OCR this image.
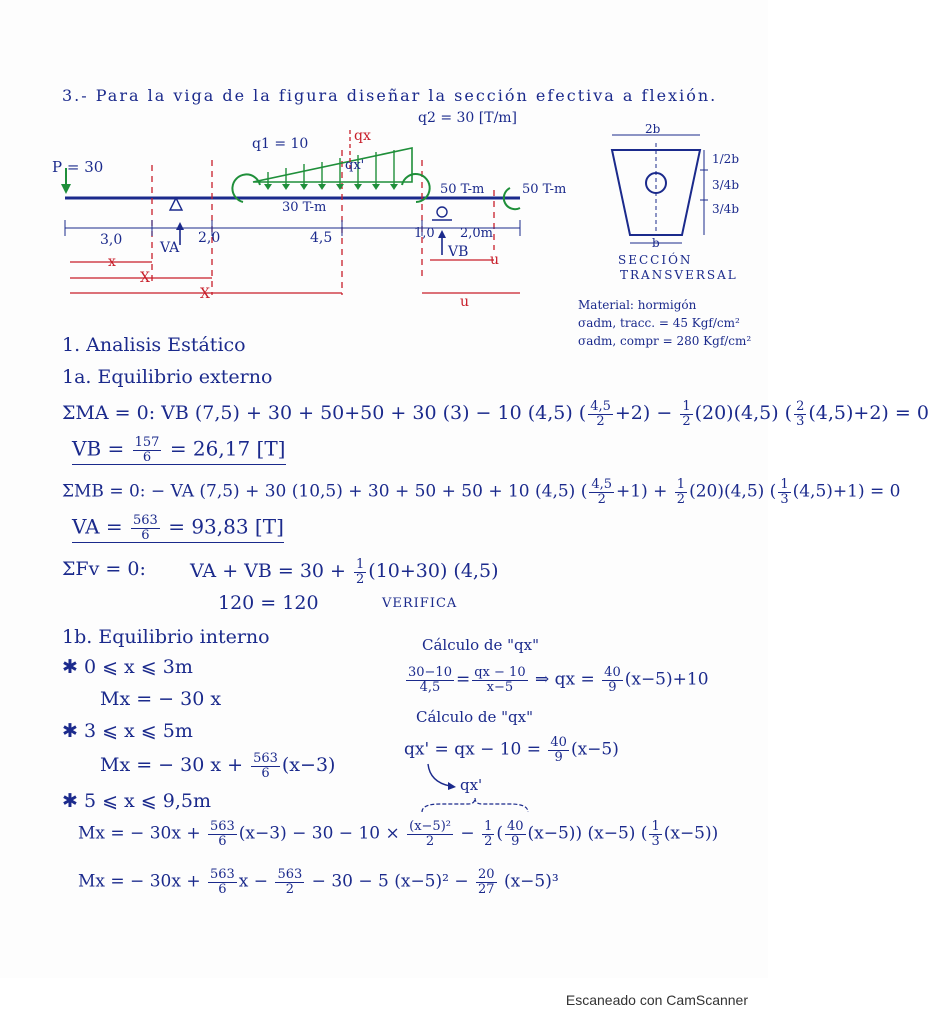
3.- Para la viga de la figura diseñar la sección efectiva a flexión.
P = 30
q1 = 10
q2 = 30 [T/m]
qx
qx'
30 T-m
50 T-m	50 T-m
VA	VB
3,0	2,0	4,5	1,0 2,0m
x
X
X
u
u
2b
1/2b
3/4b
3/4b
b
SECCIÓN
TRANSVERSAL
Material: hormigón
σadm, tracc. = 45 Kgf/cm²
σadm, compr = 280 Kgf/cm²
1. Analisis Estático
1a. Equilibrio externo
ΣMA = 0: VB (7,5) + 30 + 50+50 + 30 (3) − 10 (4,5) ( $\frac{4,5}{2} +2) - \frac{1}{2} (20)(4,5)$ ( $\frac{2}{3} (4,5)+2) = 0$
VB = $\frac{157}{6} = 26,17$ [T]
ΣMB = 0: − VA (7,5) + 30 (10,5) + 30 + 50 + 50 + 10 (4,5) ( $\frac{4,5}{2} +1) + \frac{1}{2} (20)(4,5)$ ( $\frac{1}{3} (4,5)+1) = 0$
VA = $\frac{563}{6} = 93,83$ [T]
ΣFv = 0: VA + VB = $30 + \frac{1}{2} (10+30)$ (4,5)
120 = 120	VERIFICA
1b. Equilibrio interno
✱ 0 ⩽ x ⩽ 3m
Mx = − 30 x
✱ 3 ⩽ x ⩽ 5m
Mx = − 30 $x + \frac{563}{6} (x-3)$
✱ 5 ⩽ x ⩽ 9,5m
Cálculo de "qx"
$\frac{30-10}{4,5} = \frac{qx - 10}{x-5}$ ⇒ qx = $\frac{40}{9} (x-5)+10$
Cálculo de "qx"
qx' = qx − $10 = \frac{40}{9} (x-5)$
qx'
Mx = − $30x + \frac{563}{6} (x-3) - 30 - 10 \times \frac{\text{(x−5)²}}{2} - \frac{1}{2}$ ( $\frac{40}{9} (x-5)$) (x−5) ( $\frac{1}{3} (x-5)$)
Mx = − $30x + \frac{563}{6}$ $x - \frac{563}{2} - 30 - 5$ $(x-5)^2 - \frac{20}{27} (x-5)^3$
Escaneado con CamScanner
